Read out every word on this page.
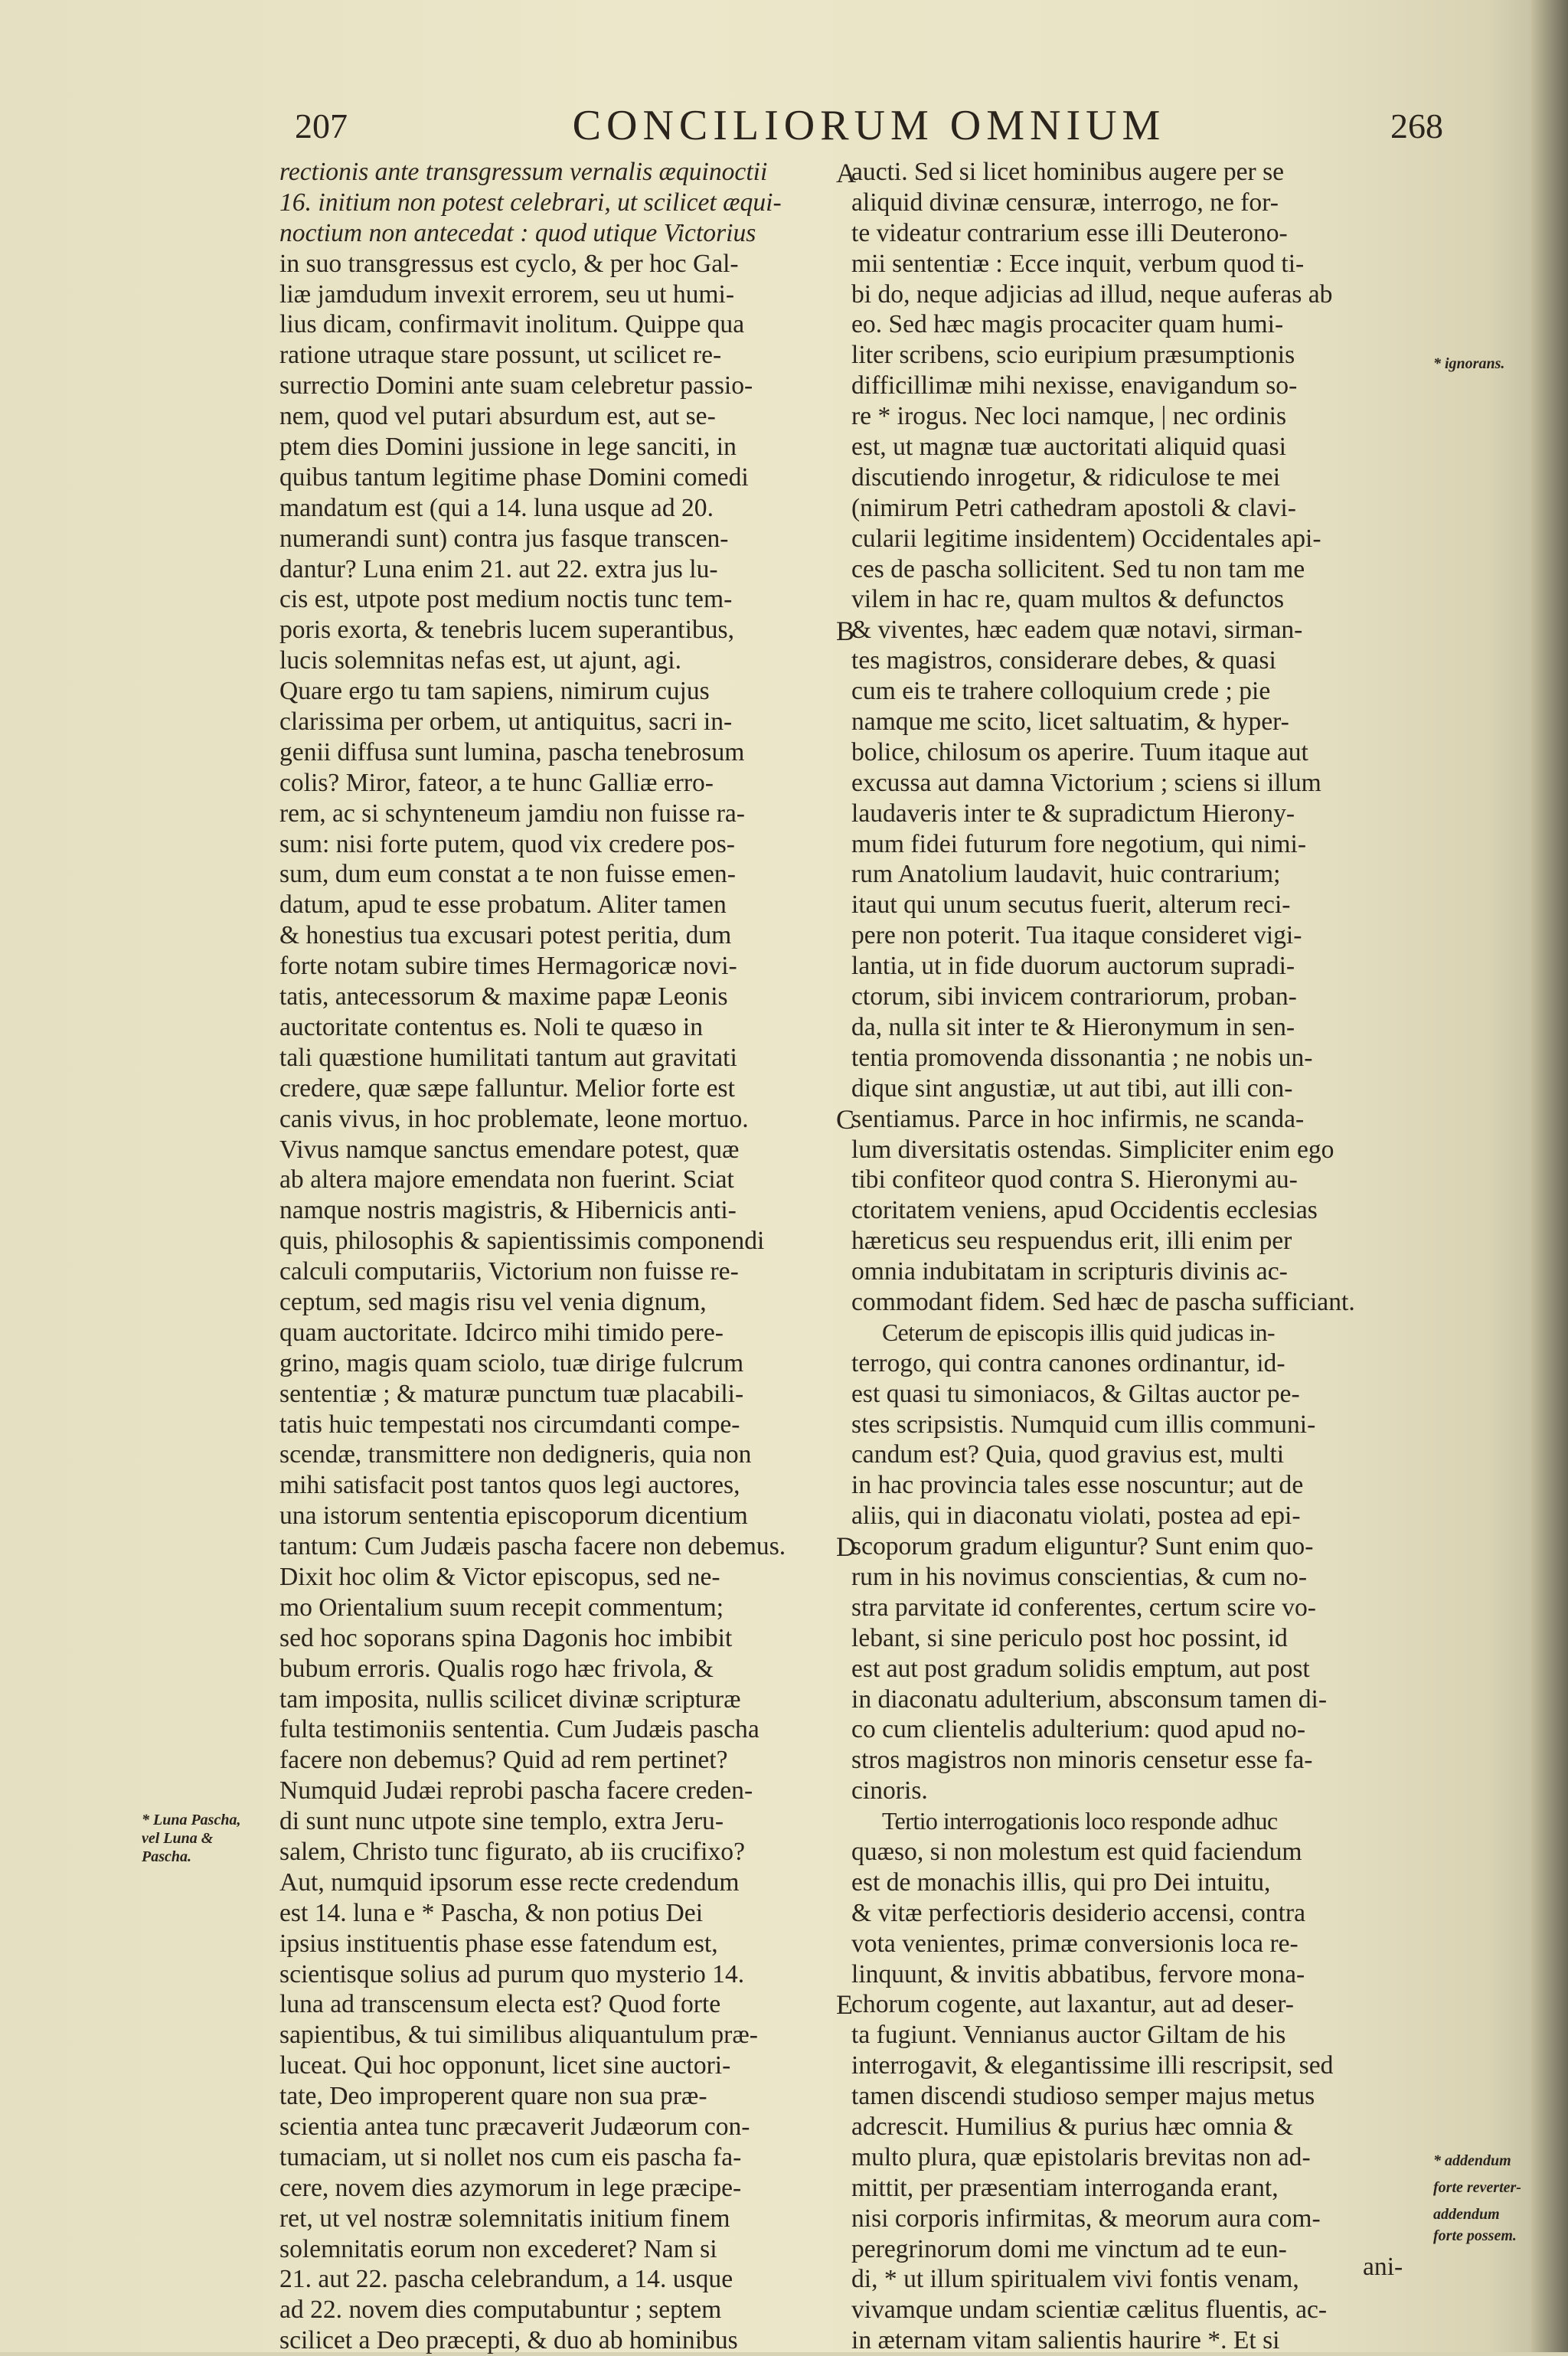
207	CONCILIORUM OMNIUM	268
rectionis ante transgressum vernalis æquinoctii
16. initium non potest celebrari, ut scilicet æqui-
noctium non antecedat : quod utique Victorius
in suo transgressus est cyclo, & per hoc Gal-
liæ jamdudum invexit errorem, seu ut humi-
lius dicam, confirmavit inolitum. Quippe qua
ratione utraque stare possunt, ut scilicet re-
surrectio Domini ante suam celebretur passio-
nem, quod vel putari absurdum est, aut se-
ptem dies Domini jussione in lege sanciti, in
quibus tantum legitime phase Domini comedi
mandatum est (qui a 14. luna usque ad 20.
numerandi sunt) contra jus fasque transcen-
dantur? Luna enim 21. aut 22. extra jus lu-
cis est, utpote post medium noctis tunc tem-
poris exorta, & tenebris lucem superantibus,
lucis solemnitas nefas est, ut ajunt, agi.
Quare ergo tu tam sapiens, nimirum cujus
clarissima per orbem, ut antiquitus, sacri in-
genii diffusa sunt lumina, pascha tenebrosum
colis? Miror, fateor, a te hunc Galliæ erro-
rem, ac si schynteneum jamdiu non fuisse ra-
sum: nisi forte putem, quod vix credere pos-
sum, dum eum constat a te non fuisse emen-
datum, apud te esse probatum. Aliter tamen
& honestius tua excusari potest peritia, dum
forte notam subire times Hermagoricæ novi-
tatis, antecessorum & maxime papæ Leonis
auctoritate contentus es. Noli te quæso in
tali quæstione humilitati tantum aut gravitati
credere, quæ sæpe falluntur. Melior forte est
canis vivus, in hoc problemate, leone mortuo.
Vivus namque sanctus emendare potest, quæ
ab altera majore emendata non fuerint. Sciat
namque nostris magistris, & Hibernicis anti-
quis, philosophis & sapientissimis componendi
calculi computariis, Victorium non fuisse re-
ceptum, sed magis risu vel venia dignum,
quam auctoritate. Idcirco mihi timido pere-
grino, magis quam sciolo, tuæ dirige fulcrum
sententiæ ; & maturæ punctum tuæ placabili-
tatis huic tempestati nos circumdanti compe-
scendæ, transmittere non dedigneris, quia non
mihi satisfacit post tantos quos legi auctores,
una istorum sententia episcoporum dicentium
tantum: Cum Judæis pascha facere non debemus.
Dixit hoc olim & Victor episcopus, sed ne-
mo Orientalium suum recepit commentum;
sed hoc soporans spina Dagonis hoc imbibit
bubum erroris. Qualis rogo hæc frivola, &
tam imposita, nullis scilicet divinæ scripturæ
fulta testimoniis sententia. Cum Judæis pascha
facere non debemus? Quid ad rem pertinet?
Numquid Judæi reprobi pascha facere creden-
di sunt nunc utpote sine templo, extra Jeru-
salem, Christo tunc figurato, ab iis crucifixo?
Aut, numquid ipsorum esse recte credendum
est 14. luna e * Pascha, & non potius Dei
ipsius instituentis phase esse fatendum est,
scientisque solius ad purum quo mysterio 14.
luna ad transcensum electa est? Quod forte
sapientibus, & tui similibus aliquantulum præ-
luceat. Qui hoc opponunt, licet sine auctori-
tate, Deo improperent quare non sua præ-
scientia antea tunc præcaverit Judæorum con-
tumaciam, ut si nollet nos cum eis pascha fa-
cere, novem dies azymorum in lege præcipe-
ret, ut vel nostræ solemnitatis initium finem
solemnitatis eorum non excederet? Nam si
21. aut 22. pascha celebrandum, a 14. usque
ad 22. novem dies computabuntur ; septem
scilicet a Deo præcepti, & duo ab hominibus
aucti. Sed si licet hominibus augere per se
aliquid divinæ censuræ, interrogo, ne for-
te videatur contrarium esse illi Deuterono-
mii sententiæ : Ecce inquit, verbum quod ti-
bi do, neque adjicias ad illud, neque auferas ab
eo. Sed hæc magis procaciter quam humi-
liter scribens, scio euripium præsumptionis
difficillimæ mihi nexisse, enavigandum so-
re * irogus. Nec loci namque, | nec ordinis
est, ut magnæ tuæ auctoritati aliquid quasi
discutiendo inrogetur, & ridiculose te mei
(nimirum Petri cathedram apostoli & clavi-
cularii legitime insidentem) Occidentales api-
ces de pascha sollicitent. Sed tu non tam me
vilem in hac re, quam multos & defunctos
& viventes, hæc eadem quæ notavi, sirman-
tes magistros, considerare debes, & quasi
cum eis te trahere colloquium crede ; pie
namque me scito, licet saltuatim, & hyper-
bolice, chilosum os aperire. Tuum itaque aut
excussa aut damna Victorium ; sciens si illum
laudaveris inter te & supradictum Hierony-
mum fidei futurum fore negotium, qui nimi-
rum Anatolium laudavit, huic contrarium;
itaut qui unum secutus fuerit, alterum reci-
pere non poterit. Tua itaque consideret vigi-
lantia, ut in fide duorum auctorum supradi-
ctorum, sibi invicem contrariorum, proban-
da, nulla sit inter te & Hieronymum in sen-
tentia promovenda dissonantia ; ne nobis un-
dique sint angustiæ, ut aut tibi, aut illi con-
sentiamus. Parce in hoc infirmis, ne scanda-
lum diversitatis ostendas. Simpliciter enim ego
tibi confiteor quod contra S. Hieronymi au-
ctoritatem veniens, apud Occidentis ecclesias
hæreticus seu respuendus erit, illi enim per
omnia indubitatam in scripturis divinis ac-
commodant fidem. Sed hæc de pascha sufficiant.
Ceterum de episcopis illis quid judicas in-
terrogo, qui contra canones ordinantur, id-
est quasi tu simoniacos, & Giltas auctor pe-
stes scripsistis. Numquid cum illis communi-
candum est? Quia, quod gravius est, multi
in hac provincia tales esse noscuntur; aut de
aliis, qui in diaconatu violati, postea ad epi-
scoporum gradum eliguntur? Sunt enim quo-
rum in his novimus conscientias, & cum no-
stra parvitate id conferentes, certum scire vo-
lebant, si sine periculo post hoc possint, id
est aut post gradum solidis emptum, aut post
in diaconatu adulterium, absconsum tamen di-
co cum clientelis adulterium: quod apud no-
stros magistros non minoris censetur esse fa-
cinoris.
Tertio interrogationis loco responde adhuc
quæso, si non molestum est quid faciendum
est de monachis illis, qui pro Dei intuitu,
& vitæ perfectioris desiderio accensi, contra
vota venientes, primæ conversionis loca re-
linquunt, & invitis abbatibus, fervore mona-
chorum cogente, aut laxantur, aut ad deser-
ta fugiunt. Vennianus auctor Giltam de his
interrogavit, & elegantissime illi rescripsit, sed
tamen discendi studioso semper majus metus
adcrescit. Humilius & purius hæc omnia &
multo plura, quæ epistolaris brevitas non ad-
mittit, per præsentiam interroganda erant,
nisi corporis infirmitas, & meorum aura com-
peregrinorum domi me vinctum ad te eun-
di, * ut illum spiritualem vivi fontis venam,
vivamque undam scientiæ cælitus fluentis, ac-
in æternam vitam salientis haurire *. Et si
A
B
C
D
E
* Luna Pascha,
vel Luna &
Pascha.
* ignorans.
* addendum
forte reverter-
addendum
forte possem.
ani-
